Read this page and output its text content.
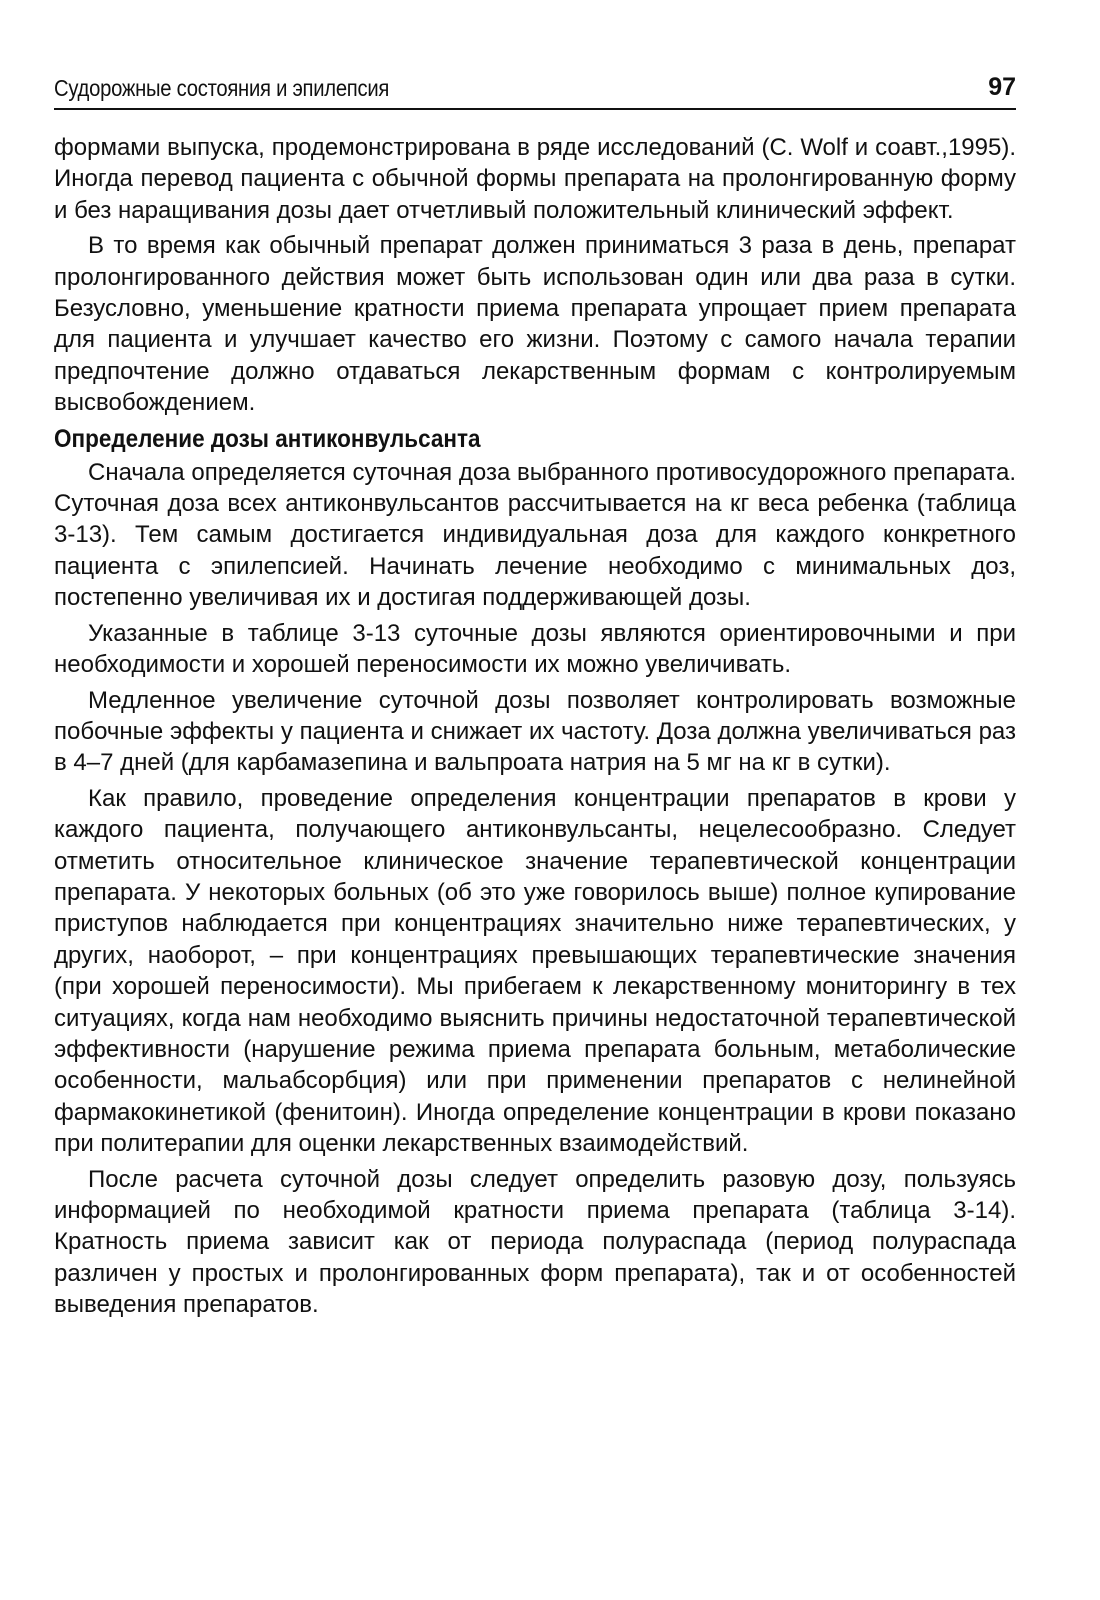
Судорожные состояния и эпилепсия	97

формами выпуска, продемонстрирована в ряде исследований (C. Wolf и соавт.,1995). Иногда перевод пациента с обычной формы препарата на пролонгированную форму и без наращивания дозы дает отчетливый положительный клинический эффект.

В то время как обычный препарат должен приниматься 3 раза в день, препарат пролонгированного действия может быть использован один или два раза в сутки. Безусловно, уменьшение кратности приема препарата упрощает прием препарата для пациента и улучшает качество его жизни. Поэтому с самого начала терапии предпочтение должно отдаваться лекарственным формам с контролируемым высвобождением.

Определение дозы антиконвульсанта

Сначала определяется суточная доза выбранного противосудорожного препарата. Суточная доза всех антиконвульсантов рассчитывается на кг веса ребенка (таблица 3-13). Тем самым достигается индивидуальная доза для каждого конкретного пациента с эпилепсией. Начинать лечение необходимо с минимальных доз, постепенно увеличивая их и достигая поддерживающей дозы.

Указанные в таблице 3-13 суточные дозы являются ориентировочными и при необходимости и хорошей переносимости их можно увеличивать.

Медленное увеличение суточной дозы позволяет контролировать возможные побочные эффекты у пациента и снижает их частоту. Доза должна увеличиваться раз в 4–7 дней (для карбамазепина и вальпроата натрия на 5 мг на кг в сутки).

Как правило, проведение определения концентрации препаратов в крови у каждого пациента, получающего антиконвульсанты, нецелесообразно. Следует отметить относительное клиническое значение терапевтической концентрации препарата. У некоторых больных (об это уже говорилось выше) полное купирование приступов наблюдается при концентрациях значительно ниже терапевтических, у других, наоборот, – при концентрациях превышающих терапевтические значения (при хорошей переносимости). Мы прибегаем к лекарственному мониторингу в тех ситуациях, когда нам необходимо выяснить причины недостаточной терапевтической эффективности (нарушение режима приема препарата больным, метаболические особенности, мальабсорбция) или при применении препаратов с нелинейной фармакокинетикой (фенитоин). Иногда определение концентрации в крови показано при политерапии для оценки лекарственных взаимодействий.

После расчета суточной дозы следует определить разовую дозу, пользуясь информацией по необходимой кратности приема препарата (таблица 3-14). Кратность приема зависит как от периода полураспада (период полураспада различен у простых и пролонгированных форм препарата), так и от особенностей выведения препаратов.
